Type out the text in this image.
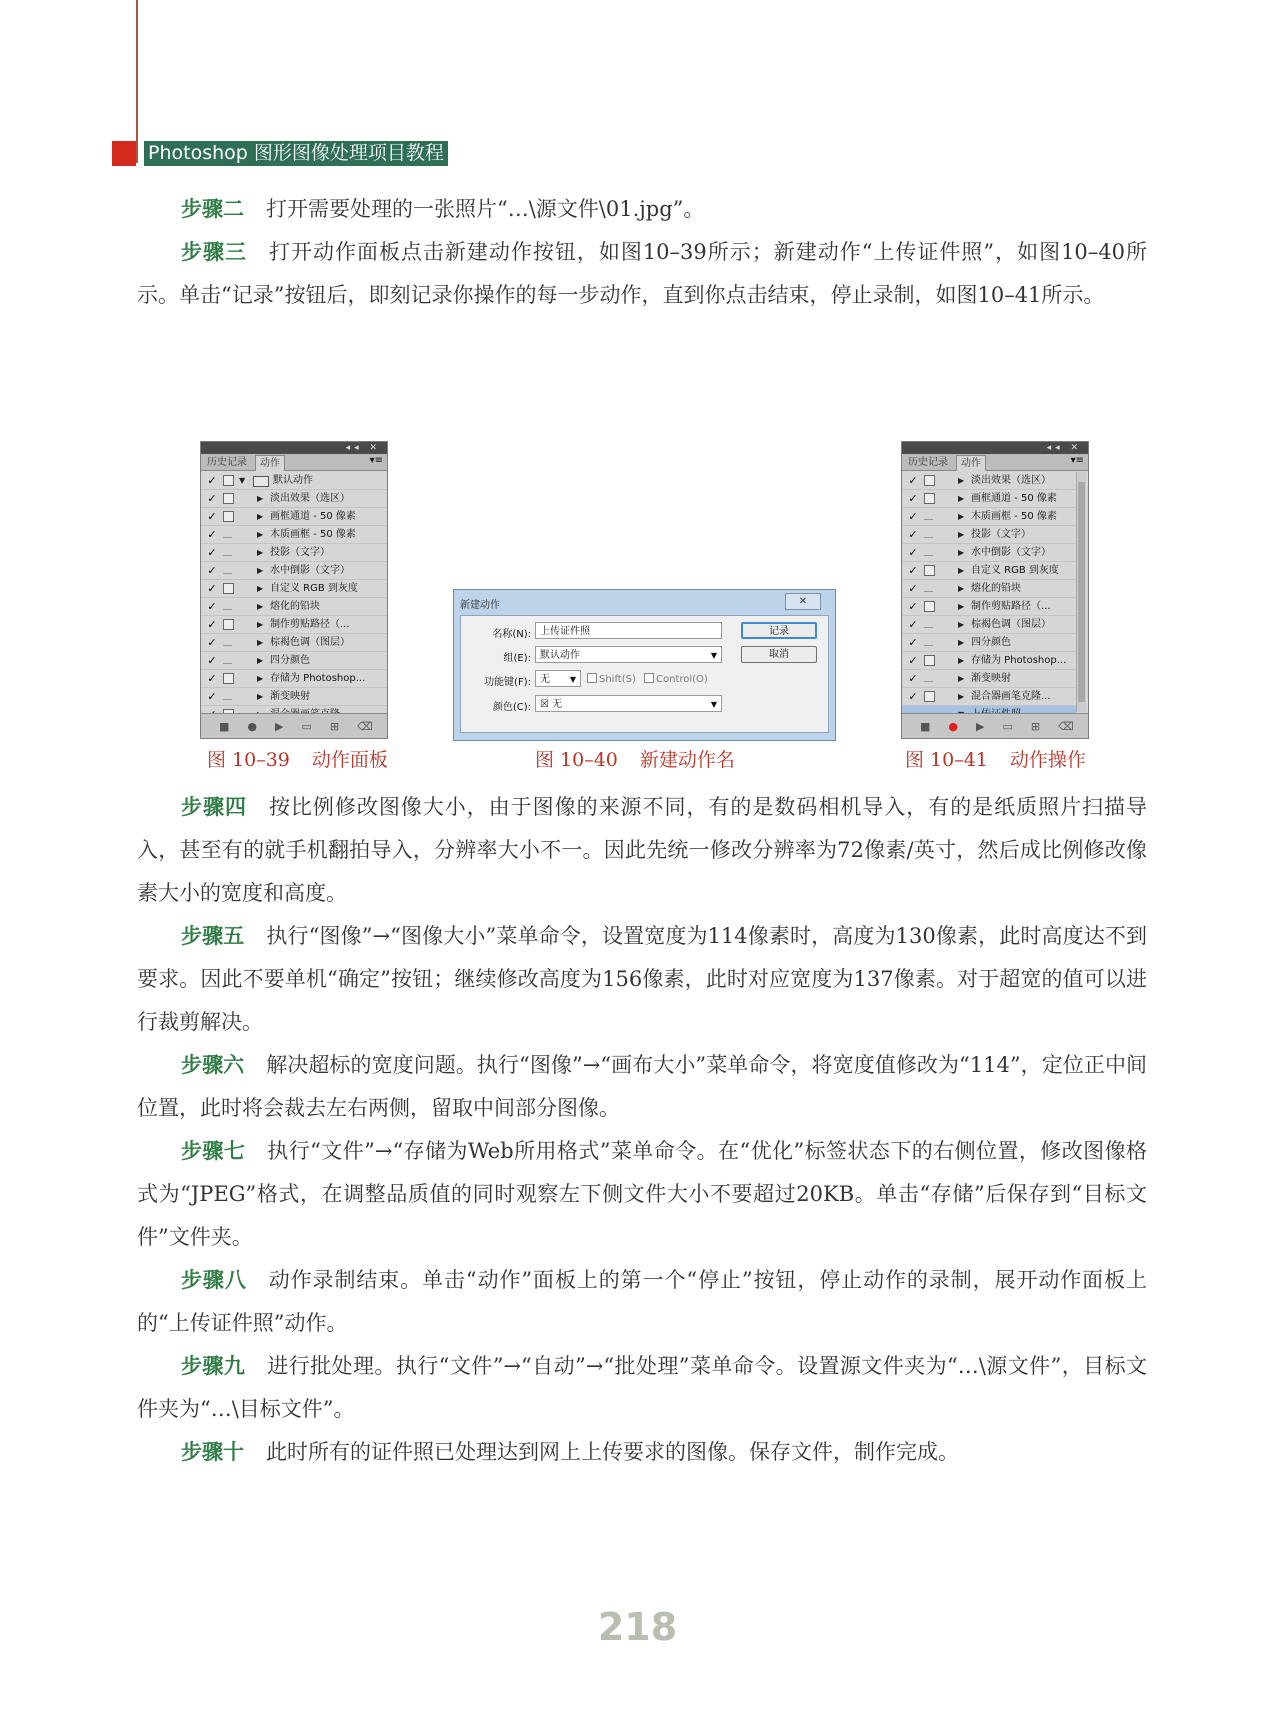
Photoshop 图形图像处理项目教程

步骤二 打开需要处理的一张照片“…\源文件\01.jpg”。

步骤三 打开动作面板点击新建动作按钮，如图10–39所示；新建动作“上传证件照”，如图10–40所示。单击“记录”按钮后，即刻记录你操作的每一步动作，直到你点击结束，停止录制，如图10–41所示。

◂◂ ✕
历史记录	动作	▾≡
✓	▼	默认动作
✓	▶ 淡出效果（选区）
✓	▶ 画框通道 - 50 像素
✓	▶ 木质画框 - 50 像素
✓	▶ 投影（文字）
✓	▶ 水中倒影（文字）
✓	▶ 自定义 RGB 到灰度
✓	▶ 熔化的铅块
✓	▶ 制作剪贴路径（...
✓	▶ 棕褐色调（图层）
✓	▶ 四分颜色
✓	▶ 存储为 Photoshop...
✓	▶ 渐变映射
■ ● ▶ ▭ ⊞ ⌫
新建动作	✕
名称(N): 上传证件照	记录
组(E): 默认动作	▼	取消
功能键(F): 无 ▼	Shift(S)	Control(O)
颜色(C): ☒ 无	▼
◂◂ ✕
历史记录	动作	▾≡
✓	▶ 淡出效果（选区）
✓	▶ 画框通道 - 50 像素
✓	▶ 木质画框 - 50 像素
✓	▶ 投影（文字）
✓	▶ 水中倒影（文字）
✓	▶ 自定义 RGB 到灰度
✓	▶ 熔化的铅块
✓	▶ 制作剪贴路径（...
✓	▶ 棕褐色调（图层）
✓	▶ 四分颜色
✓	▶ 存储为 Photoshop...
✓	▶ 渐变映射
✓	▶ 混合器画笔克隆...
■ ● ▶ ▭ ⊞ ⌫
图 10–39 动作面板	图 10–40 新建动作名	图 10–41 动作操作

步骤四 按比例修改图像大小，由于图像的来源不同，有的是数码相机导入，有的是纸质照片扫描导入，甚至有的就手机翻拍导入，分辨率大小不一。因此先统一修改分辨率为72像素/英寸，然后成比例修改像素大小的宽度和高度。

步骤五 执行“图像”→“图像大小”菜单命令，设置宽度为114像素时，高度为130像素，此时高度达不到要求。因此不要单机“确定”按钮；继续修改高度为156像素，此时对应宽度为137像素。对于超宽的值可以进行裁剪解决。

步骤六 解决超标的宽度问题。执行“图像”→“画布大小”菜单命令，将宽度值修改为“114”，定位正中间位置，此时将会裁去左右两侧，留取中间部分图像。

步骤七 执行“文件”→“存储为Web所用格式”菜单命令。在“优化”标签状态下的右侧位置，修改图像格式为“JPEG”格式，在调整品质值的同时观察左下侧文件大小不要超过20KB。单击“存储”后保存到“目标文件”文件夹。

步骤八 动作录制结束。单击“动作”面板上的第一个“停止”按钮，停止动作的录制，展开动作面板上的“上传证件照”动作。

步骤九 进行批处理。执行“文件”→“自动”→“批处理”菜单命令。设置源文件夹为“…\源文件”，目标文件夹为“…\目标文件”。

步骤十 此时所有的证件照已处理达到网上上传要求的图像。保存文件，制作完成。

218
